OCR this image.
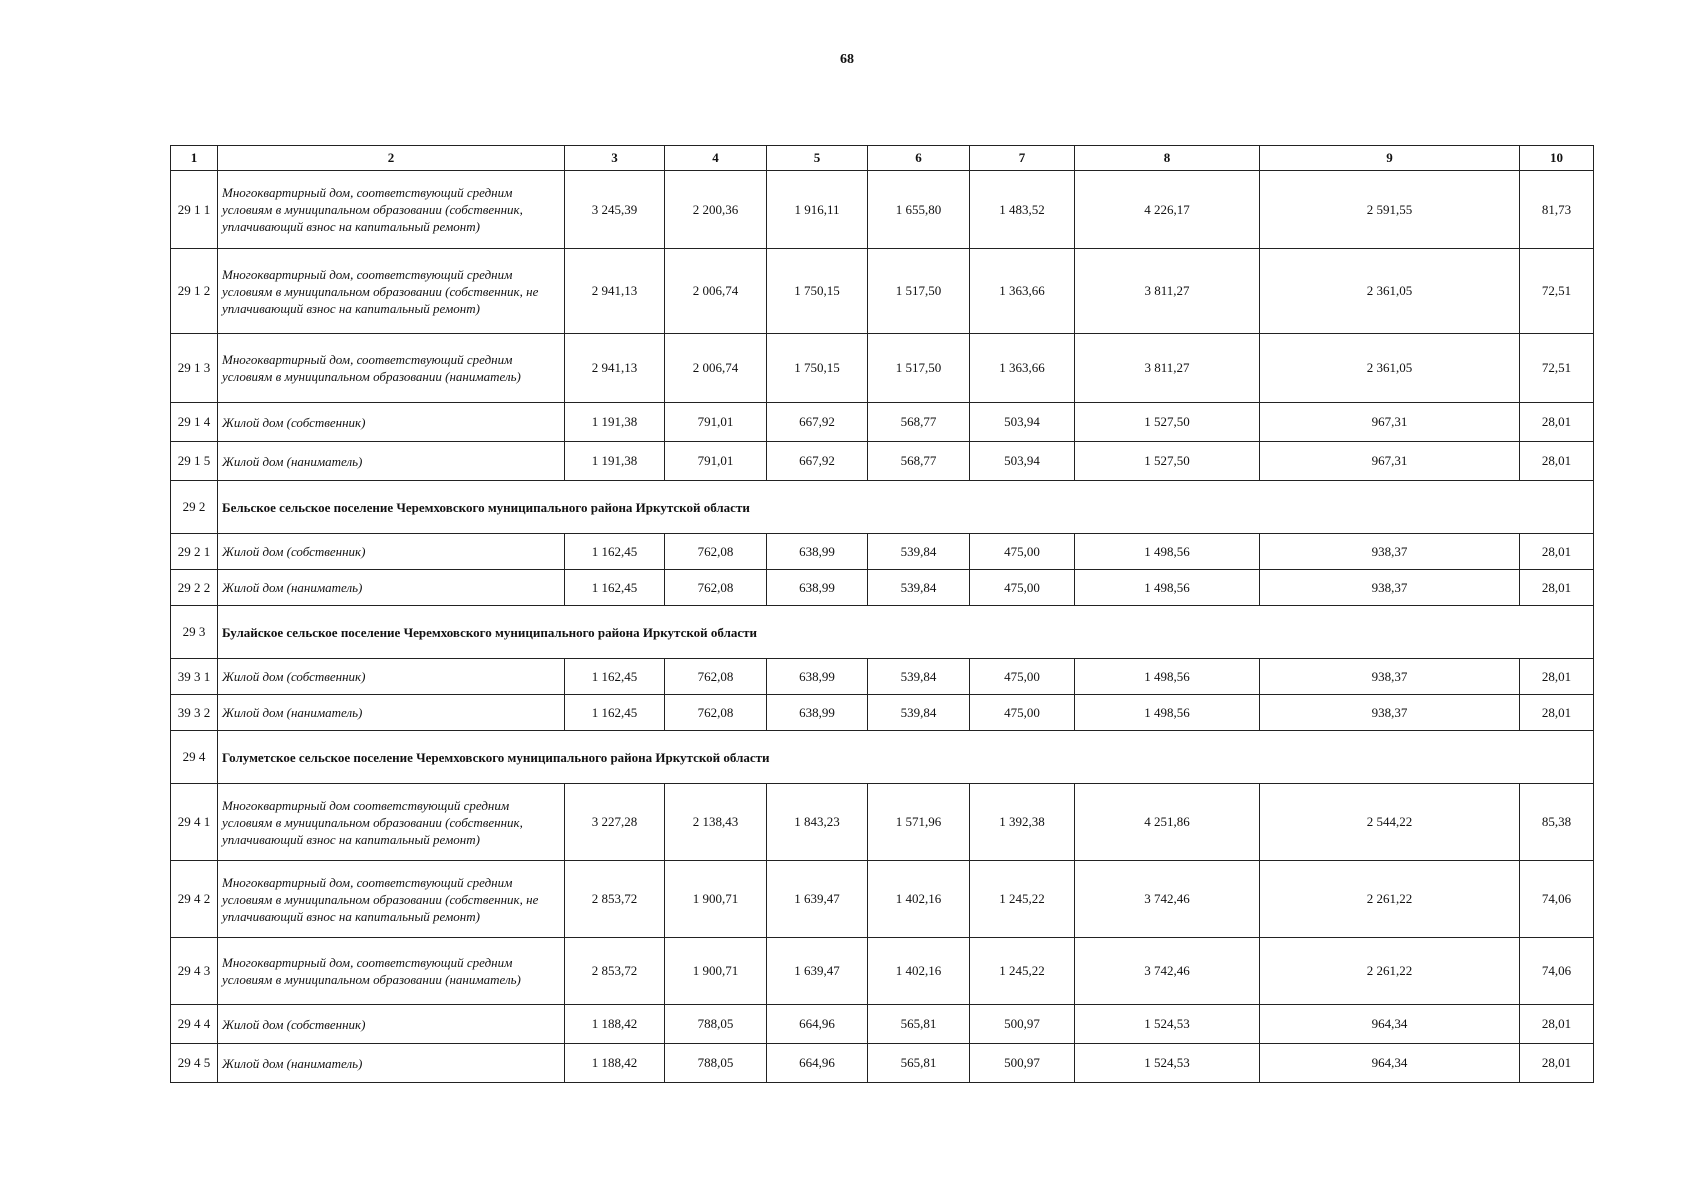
68
1	2	3	4	5	6	7	8	9	10
29 1 1	Многоквартирный дом, соответствующий средним условиям в муниципальном образовании (собственник, уплачивающий взнос на капитальный ремонт)	3 245,39	2 200,36	1 916,11	1 655,80	1 483,52	4 226,17	2 591,55	81,73
29 1 2	Многоквартирный дом, соответствующий средним условиям в муниципальном образовании (собственник, не уплачивающий взнос на капитальный ремонт)	2 941,13	2 006,74	1 750,15	1 517,50	1 363,66	3 811,27	2 361,05	72,51
29 1 3	Многоквартирный дом, соответствующий средним условиям в муниципальном образовании (наниматель)	2 941,13	2 006,74	1 750,15	1 517,50	1 363,66	3 811,27	2 361,05	72,51
29 1 4	Жилой дом (собственник)	1 191,38	791,01	667,92	568,77	503,94	1 527,50	967,31	28,01
29 1 5	Жилой дом (наниматель)	1 191,38	791,01	667,92	568,77	503,94	1 527,50	967,31	28,01
29 2	Бельское сельское поселение Черемховского муниципального района Иркутской области								
29 2 1	Жилой дом (собственник)	1 162,45	762,08	638,99	539,84	475,00	1 498,56	938,37	28,01
29 2 2	Жилой дом (наниматель)	1 162,45	762,08	638,99	539,84	475,00	1 498,56	938,37	28,01
29 3	Булайское сельское поселение Черемховского муниципального района Иркутской области								
39 3 1	Жилой дом (собственник)	1 162,45	762,08	638,99	539,84	475,00	1 498,56	938,37	28,01
39 3 2	Жилой дом (наниматель)	1 162,45	762,08	638,99	539,84	475,00	1 498,56	938,37	28,01
29 4	Голуметское сельское поселение Черемховского муниципального района Иркутской области								
29 4 1	Многоквартирный дом соответствующий средним условиям в муниципальном образовании (собственник, уплачивающий взнос на капитальный ремонт)	3 227,28	2 138,43	1 843,23	1 571,96	1 392,38	4 251,86	2 544,22	85,38
29 4 2	Многоквартирный дом, соответствующий средним условиям в муниципальном образовании (собственник, не уплачивающий взнос на капитальный ремонт)	2 853,72	1 900,71	1 639,47	1 402,16	1 245,22	3 742,46	2 261,22	74,06
29 4 3	Многоквартирный дом, соответствующий средним условиям в муниципальном образовании (наниматель)	2 853,72	1 900,71	1 639,47	1 402,16	1 245,22	3 742,46	2 261,22	74,06
29 4 4	Жилой дом (собственник)	1 188,42	788,05	664,96	565,81	500,97	1 524,53	964,34	28,01
29 4 5	Жилой дом (наниматель)	1 188,42	788,05	664,96	565,81	500,97	1 524,53	964,34	28,01
